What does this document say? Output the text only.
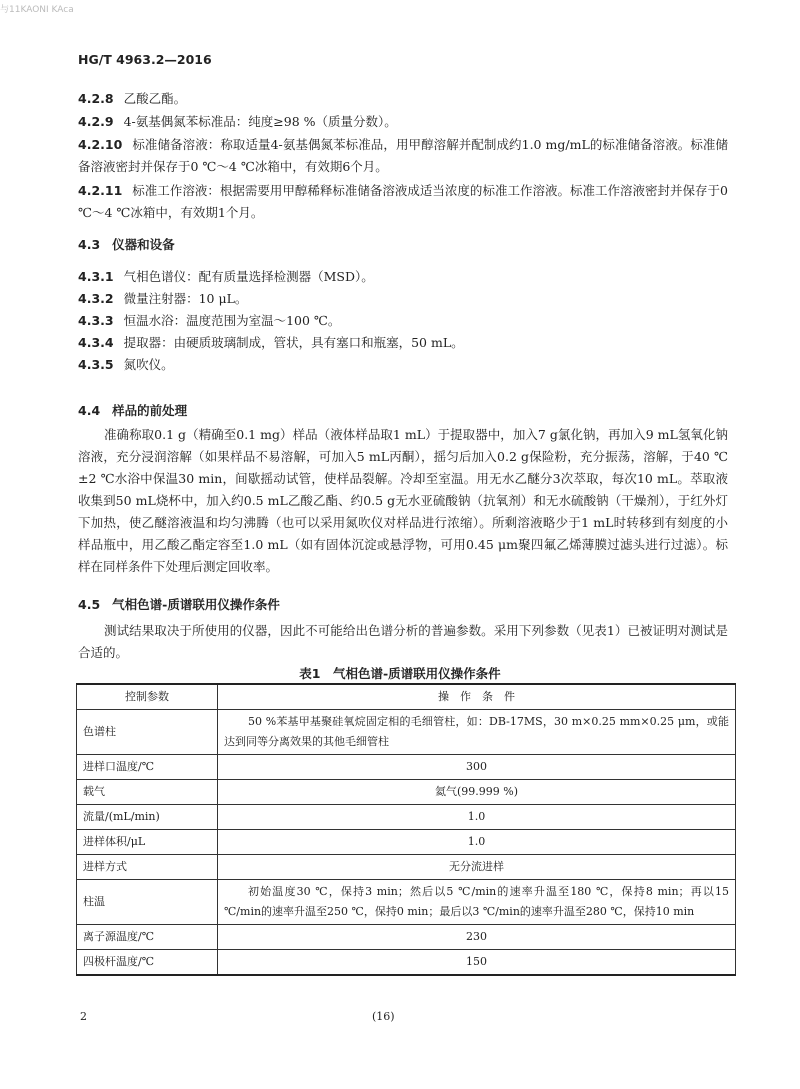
与11KAONI KAca
HG/T 4963.2—2016
4.2.8 乙酸乙酯。
4.2.9 4-氨基偶氮苯标准品：纯度≥98 %（质量分数）。
4.2.10 标准储备溶液：称取适量4-氨基偶氮苯标准品，用甲醇溶解并配制成约1.0 mg/mL的标准储备溶液。标准储备溶液密封并保存于0 ℃～4 ℃冰箱中，有效期6个月。
4.2.11 标准工作溶液：根据需要用甲醇稀释标准储备溶液成适当浓度的标准工作溶液。标准工作溶液密封并保存于0 ℃～4 ℃冰箱中，有效期1个月。
4.3 仪器和设备
4.3.1 气相色谱仪：配有质量选择检测器（MSD）。
4.3.2 微量注射器：10 μL。
4.3.3 恒温水浴：温度范围为室温～100 ℃。
4.3.4 提取器：由硬质玻璃制成，管状，具有塞口和瓶塞，50 mL。
4.3.5 氮吹仪。
4.4 样品的前处理
准确称取0.1 g（精确至0.1 mg）样品（液体样品取1 mL）于提取器中，加入7 g氯化钠，再加入9 mL氢氧化钠溶液，充分浸润溶解（如果样品不易溶解，可加入5 mL丙酮），摇匀后加入0.2 g保险粉，充分振荡，溶解，于40 ℃±2 ℃水浴中保温30 min，间歇摇动试管，使样品裂解。冷却至室温。用无水乙醚分3次萃取，每次10 mL。萃取液收集到50 mL烧杯中，加入约0.5 mL乙酸乙酯、约0.5 g无水亚硫酸钠（抗氧剂）和无水硫酸钠（干燥剂），于红外灯下加热，使乙醚溶液温和均匀沸腾（也可以采用氮吹仪对样品进行浓缩）。所剩溶液略少于1 mL时转移到有刻度的小样品瓶中，用乙酸乙酯定容至1.0 mL（如有固体沉淀或悬浮物，可用0.45 μm聚四氟乙烯薄膜过滤头进行过滤）。标样在同样条件下处理后测定回收率。
4.5 气相色谱-质谱联用仪操作条件
测试结果取决于所使用的仪器，因此不可能给出色谱分析的普遍参数。采用下列参数（见表1）已被证明对测试是合适的。
表1　气相色谱-质谱联用仪操作条件
控制参数	操　作　条　件
色谱柱	50 %苯基甲基聚硅氧烷固定相的毛细管柱，如：DB-17MS，30 m×0.25 mm×0.25 μm，或能达到同等分离效果的其他毛细管柱
进样口温度/℃	300
载气	氦气(99.999 %)
流量/(mL/min)	1.0
进样体积/μL	1.0
进样方式	无分流进样
柱温	初始温度30 ℃，保持3 min；然后以5 ℃/min的速率升温至180 ℃，保持8 min；再以15 ℃/min的速率升温至250 ℃，保持0 min；最后以3 ℃/min的速率升温至280 ℃，保持10 min
离子源温度/℃	230
四极杆温度/℃	150
2	(16)
